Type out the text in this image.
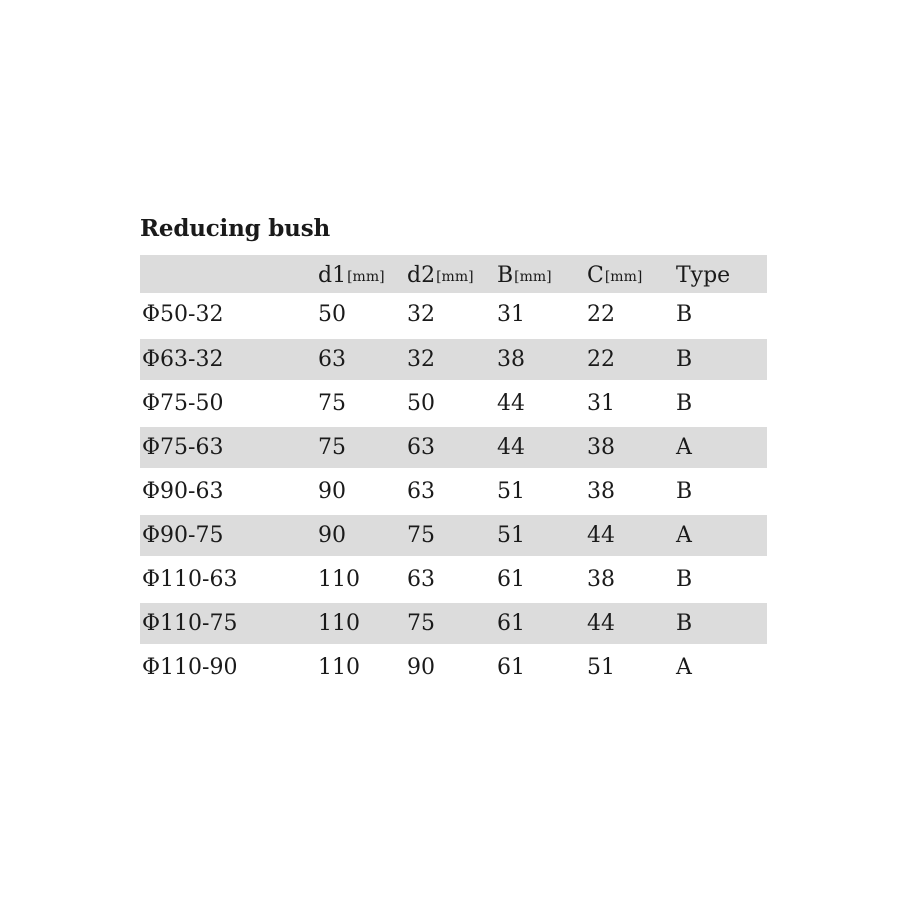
Reducing bush
	d1[mm]	d2[mm]	B[mm]	C[mm]	Type
Φ50-32	50	32	31	22	B
Φ63-32	63	32	38	22	B
Φ75-50	75	50	44	31	B
Φ75-63	75	63	44	38	A
Φ90-63	90	63	51	38	B
Φ90-75	90	75	51	44	A
Φ110-63	110	63	61	38	B
Φ110-75	110	75	61	44	B
Φ110-90	110	90	61	51	A
